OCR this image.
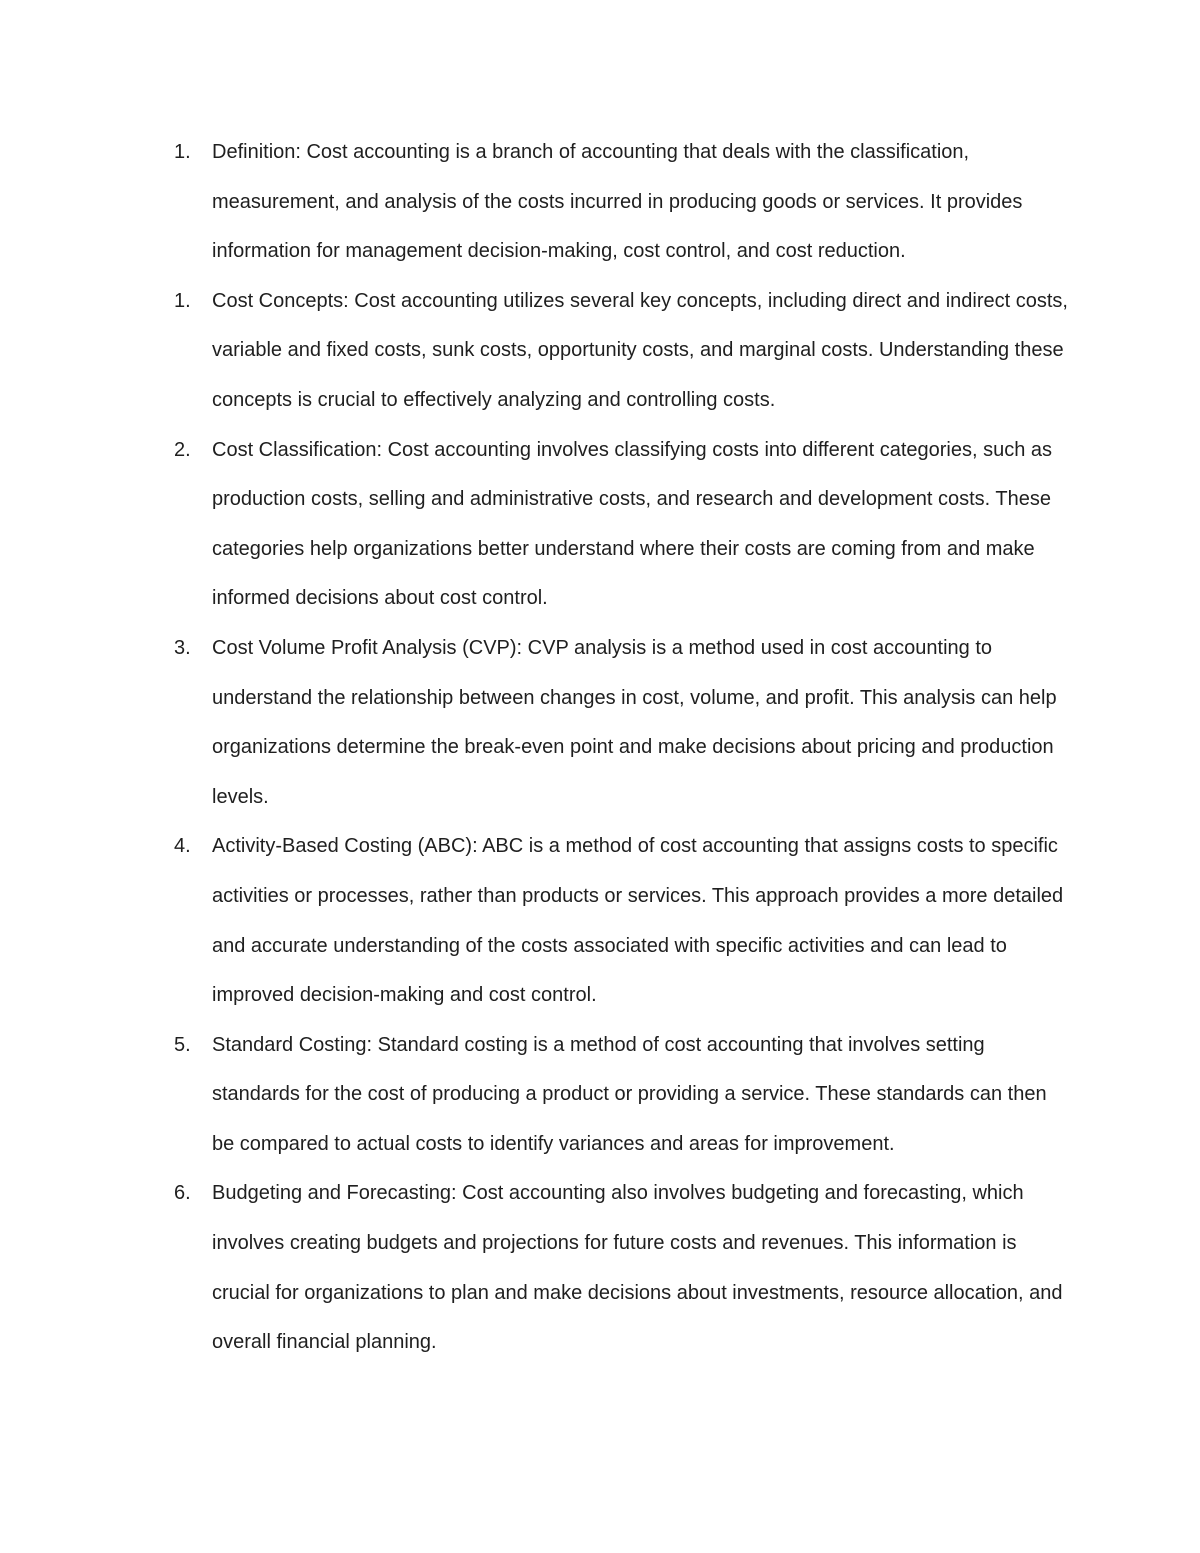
1.	Definition: Cost accounting is a branch of accounting that deals with the classification, measurement, and analysis of the costs incurred in producing goods or services. It provides information for management decision-making, cost control, and cost reduction.
1.	Cost Concepts: Cost accounting utilizes several key concepts, including direct and indirect costs, variable and fixed costs, sunk costs, opportunity costs, and marginal costs. Understanding these concepts is crucial to effectively analyzing and controlling costs.
2.	Cost Classification: Cost accounting involves classifying costs into different categories, such as production costs, selling and administrative costs, and research and development costs. These categories help organizations better understand where their costs are coming from and make informed decisions about cost control.
3.	Cost Volume Profit Analysis (CVP): CVP analysis is a method used in cost accounting to understand the relationship between changes in cost, volume, and profit. This analysis can help organizations determine the break-even point and make decisions about pricing and production levels.
4.	Activity-Based Costing (ABC): ABC is a method of cost accounting that assigns costs to specific activities or processes, rather than products or services. This approach provides a more detailed and accurate understanding of the costs associated with specific activities and can lead to improved decision-making and cost control.
5.	Standard Costing: Standard costing is a method of cost accounting that involves setting standards for the cost of producing a product or providing a service. These standards can then be compared to actual costs to identify variances and areas for improvement.
6.	Budgeting and Forecasting: Cost accounting also involves budgeting and forecasting, which involves creating budgets and projections for future costs and revenues. This information is crucial for organizations to plan and make decisions about investments, resource allocation, and overall financial planning.
